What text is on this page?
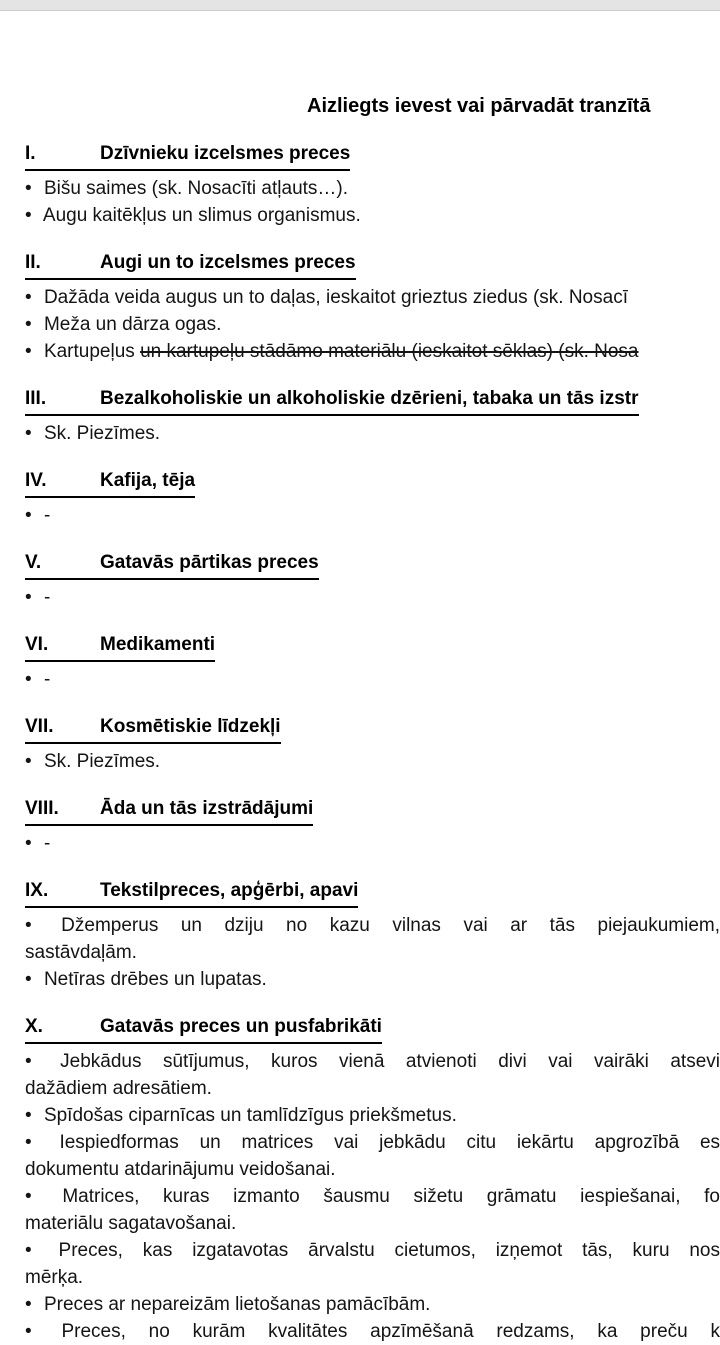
Aizliegts ievest vai pārvadāt tranzītā
I.	Dzīvnieku izcelsmes preces
• Bišu saimes (sk. Nosacīti atļauts…).
• Augu kaitēkļus un slimus organismus.
II.	Augi un to izcelsmes preces
• Dažāda veida augus un to daļas, ieskaitot grieztus ziedus (sk. Nosacī
• Meža un dārza ogas.
• Kartupeļus un kartupeļu stādāmo materiālu (ieskaitot sēklas) (sk. Nosa
III.	Bezalkoholiskie un alkoholiskie dzērieni, tabaka un tās izstr
• Sk. Piezīmes.
IV.	Kafija, tēja
• -
V.	Gatavās pārtikas preces
• -
VI.	Medikamenti
• -
VII. Kosmētiskie līdzekļi
• Sk. Piezīmes.
VIII. Āda un tās izstrādājumi
• -
IX.	Tekstilpreces, apģērbi, apavi
• Džemperus un dziju no kazu vilnas vai ar tās piejaukumiem,
sastāvdaļām.
• Netīras drēbes un lupatas.
X.	Gatavās preces un pusfabrikāti
• Jebkādus sūtījumus, kuros vienā atvienoti divi vai vairāki atsevi
dažādiem adresātiem.
• Spīdošas ciparnīcas un tamlīdzīgus priekšmetus.
• Iespiedformas un matrices vai jebkādu citu iekārtu apgrozībā es
dokumentu atdarinājumu veidošanai.
• Matrices, kuras izmanto šausmu sižetu grāmatu iespiešanai, fo
materiālu sagatavošanai.
• Preces, kas izgatavotas ārvalstu cietumos, izņemot tās, kuru nos
mērķa.
• Preces ar nepareizām lietošanas pamācībām.
• Preces, no kurām kvalitātes apzīmēšanā redzams, ka preču k
